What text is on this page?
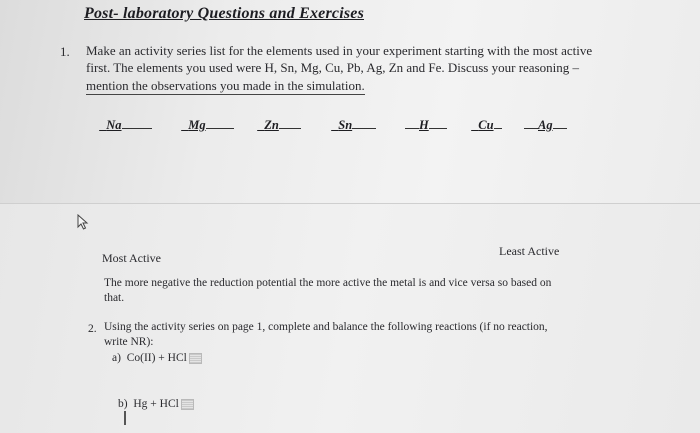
Post- laboratory Questions and Exercises
1. Make an activity series list for the elements used in your experiment starting with the most active
first. The elements you used were H, Sn, Mg, Cu, Pb, Ag, Zn and Fe. Discuss your reasoning –
mention the observations you made in the simulation.
_Na	_Mg	_Zn	_Sn	H	_Cu	Ag
Most Active	Least Active
The more negative the reduction potential the more active the metal is and vice versa so based on
that.
2. Using the activity series on page 1, complete and balance the following reactions (if no reaction,
write NR):
a) Co(II) + HCl
b) Hg + HCl
